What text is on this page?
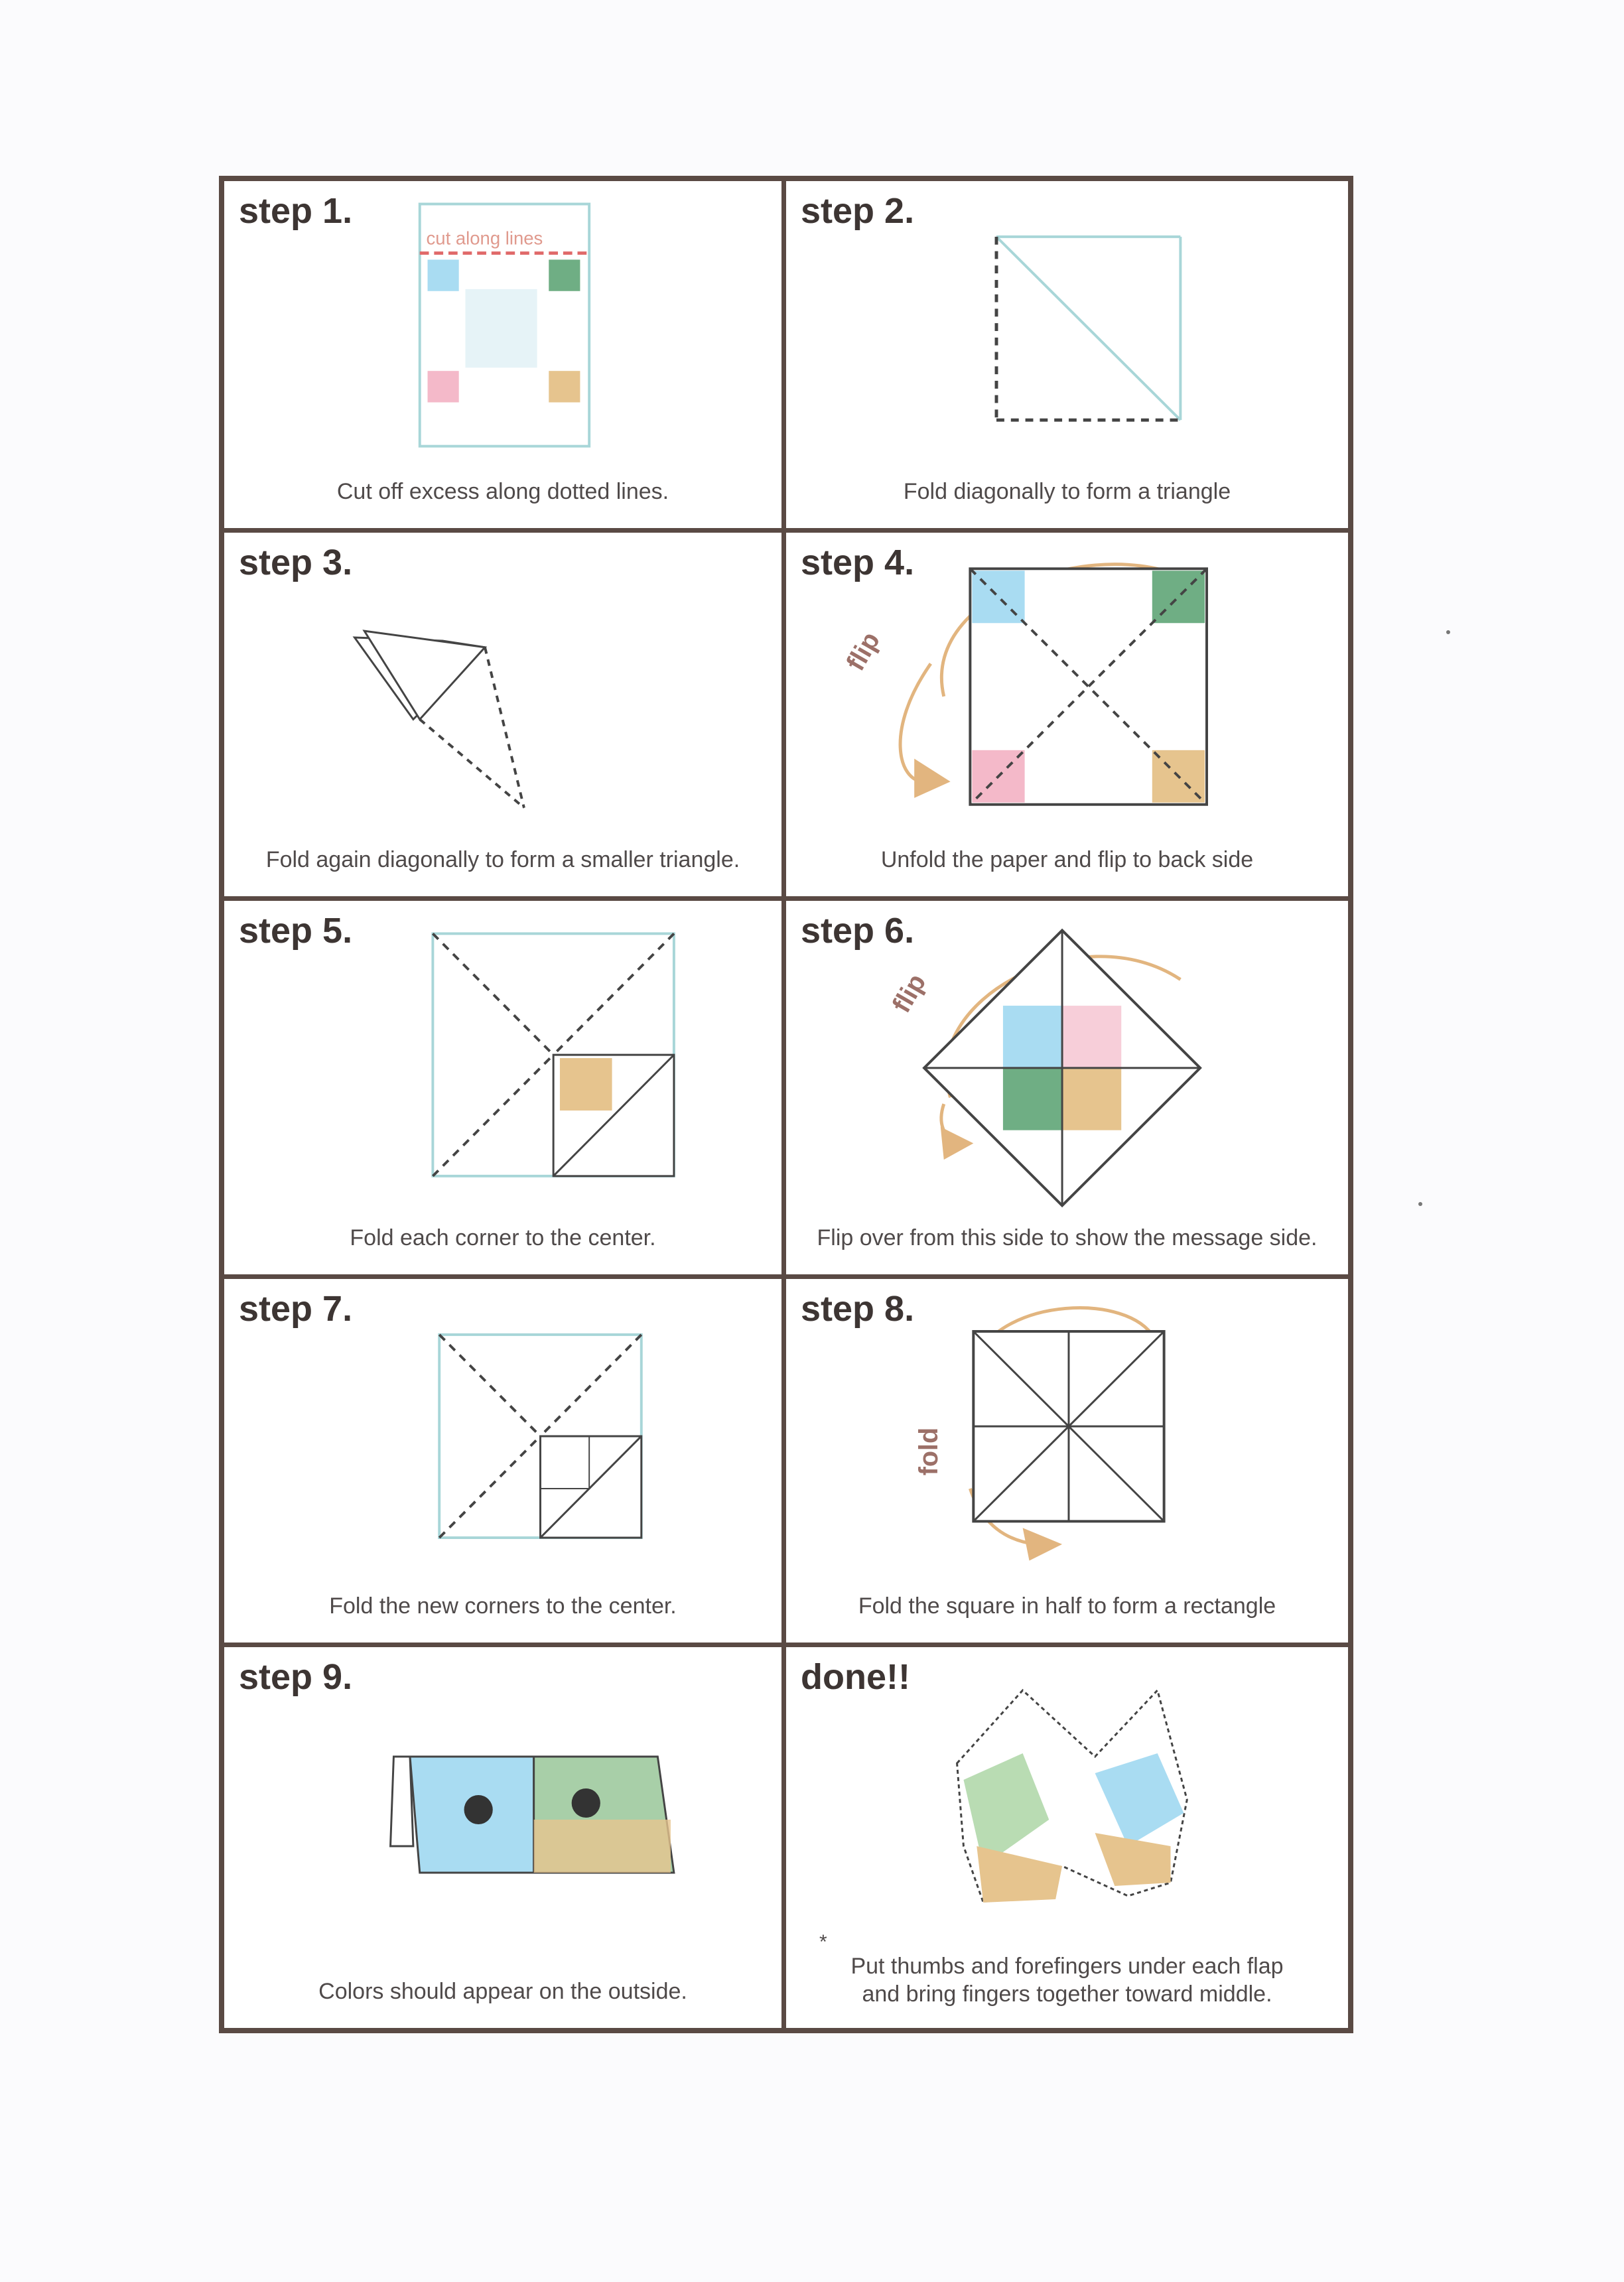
step 1.
cut along lines
Cut off excess along dotted lines.
step 2.
Fold diagonally to form a triangle
step 3.
Fold again diagonally to form a smaller triangle.
step 4.
flip
Unfold the paper and flip to back side
step 5.
Fold each corner to the center.
step 6.
flip
Flip over from this side to show the message side.
step 7.
Fold the new corners to the center.
step 8.
fold
Fold the square in half to form a rectangle
step 9.
Colors should appear on the outside.
done!!
*
Put thumbs and forefingers under each flap
and bring fingers together toward middle.
